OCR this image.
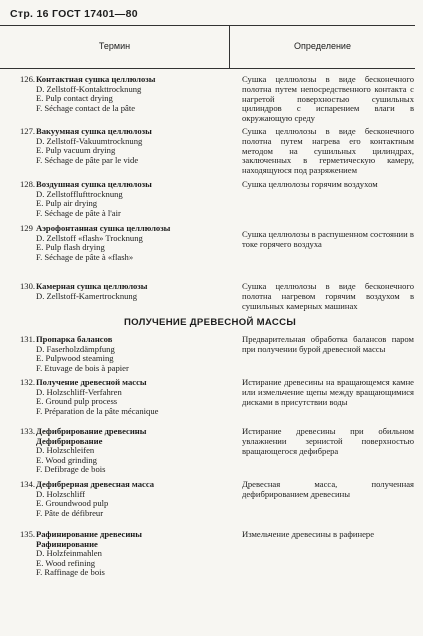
Стр. 16 ГОСТ 17401—80
Термин	Определение
126.Контактная сушка целлюлозы
D. Zellstoff-Kontakttrocknung
E. Pulp contact drying
F. Séchage contact de la pâte
Сушка целлюлозы в виде бесконечного полотна путем непосредственного контакта с нагретой поверхностью сушильных цилиндров с испарением влаги в окружающую среду
127.Вакуумная сушка целлюлозы
D. Zellstoff-Vakuumtrocknung
E. Pulp vacuum drying
F. Séchage de pâte par le vide
Сушка целлюлозы в виде бесконечного полотна путем нагрева его контактным методом на сушильных цилиндрах, заключенных в герметическую камеру, находящуюся под разряжением
128.Воздушная сушка целлюлозы
D. Zellstofflufttrocknung
E. Pulp air drying
F. Séchage de pâte à l'air
Сушка целлюлозы горячим воздухом
129 Аэрофонтанная сушка целлюлозы
D. Zellstoff «flash» Trocknung
E. Pulp flash drying
F. Séchage de pâte à «flash»
Сушка целлюлозы в распушенном состоянии в токе горячего воздуха
130.Камерная сушка целлюлозы
D. Zellstoff-Kamertrocknung
Сушка целлюлозы в виде бесконечного полотна нагревом горячим воздухом в сушильных камерных машинах
ПОЛУЧЕНИЕ ДРЕВЕСНОЙ МАССЫ
131.Пропарка балансов
D. Faserholzdämpfung
E. Pulpwood steaming
F. Etuvage de bois à papier
Предварительная обработка балансов паром при получении бурой древесной массы
132.Получение древесной массы
D. Holzschliff-Verfahren
E. Ground pulp process
F. Préparation de la pâte mécanique
Истирание древесины на вращающемся камне или измельчение щепы между вращающимися дисками в присутствии воды
133.Дефибрирование древесины
Дефибрирование
D. Holzschleifen
E. Wood grinding
F. Defibrage de bois
Истирание древесины при обильном увлажнении зернистой поверхностью вращающегося дефибрера
134.Дефибрерная древесная масса
D. Holzschliff
E. Groundwood pulp
F. Pâte de défibreur
Древесная масса, полученная дефибрированием древесины
135.Рафинирование древесины
Рафинирование
D. Holzfeinmahlen
E. Wood refining
F. Raffinage de bois
Измельчение древесины в рафинере
